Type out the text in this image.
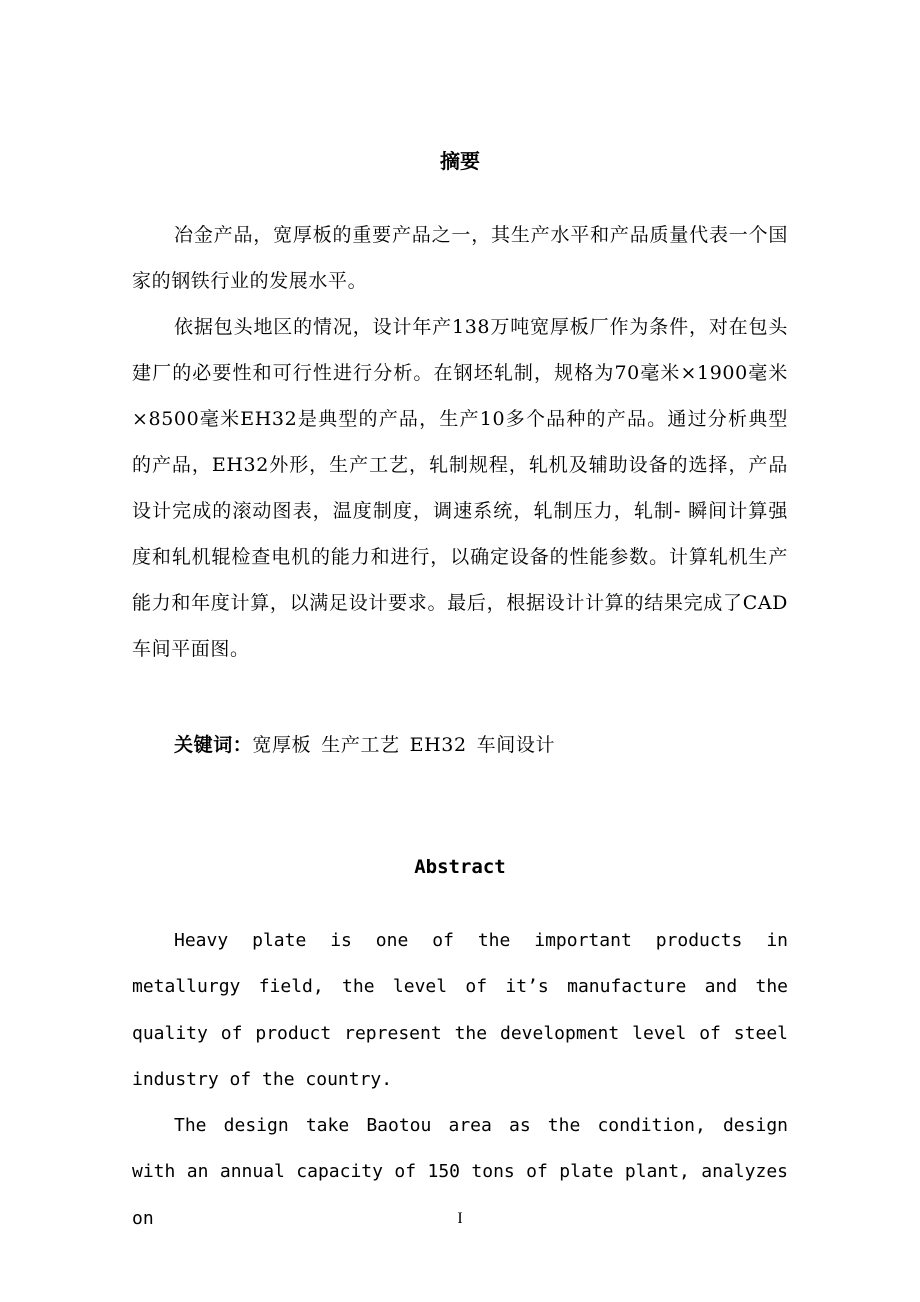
摘要

冶金产品，宽厚板的重要产品之一，其生产水平和产品质量代表一个国家的钢铁行业的发展水平。

依据包头地区的情况，设计年产138万吨宽厚板厂作为条件，对在包头建厂的必要性和可行性进行分析。在钢坯轧制，规格为70毫米×1900毫米×8500毫米EH32是典型的产品，生产10多个品种的产品。通过分析典型的产品，EH32外形，生产工艺，轧制规程，轧机及辅助设备的选择，产品设计完成的滚动图表，温度制度，调速系统，轧制压力，轧制- 瞬间计算强度和轧机辊检查电机的能力和进行，以确定设备的性能参数。计算轧机生产能力和年度计算，以满足设计要求。最后，根据设计计算的结果完成了CAD车间平面图。

关键词：宽厚板 生产工艺 EH32 车间设计

Abstract

Heavy plate is one of the important products in metallurgy field, the level of it’s manufacture and the quality of product represent the development level of steel industry of the country.

The design take Baotou area as the condition, design with an annual capacity of 150 tons of plate plant, analyzes on	I
